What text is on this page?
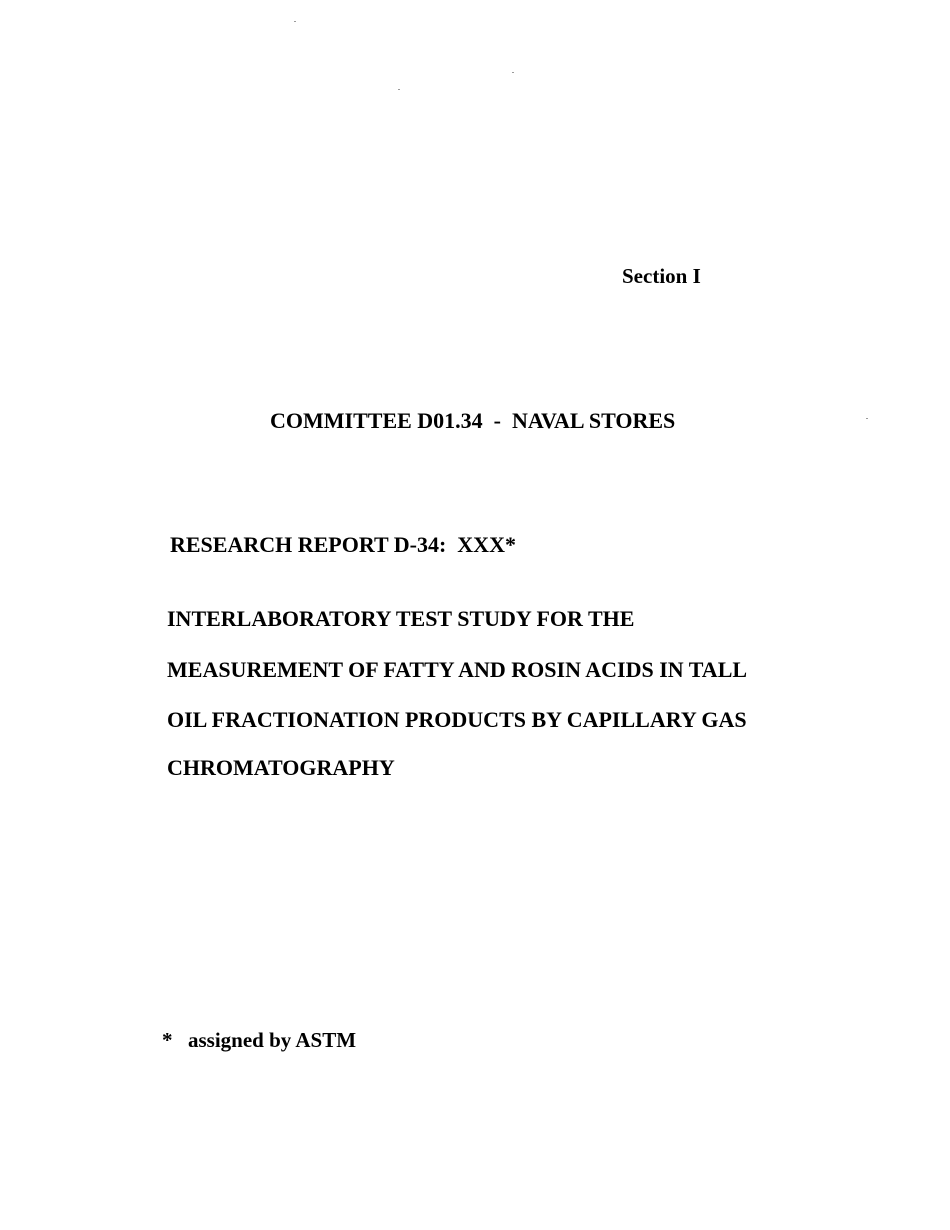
Section I
COMMITTEE D01.34  -  NAVAL STORES
RESEARCH REPORT D-34:  XXX*
INTERLABORATORY TEST STUDY FOR THE
MEASUREMENT OF FATTY AND ROSIN ACIDS IN TALL
OIL FRACTIONATION PRODUCTS BY CAPILLARY GAS
CHROMATOGRAPHY
* assigned by ASTM
